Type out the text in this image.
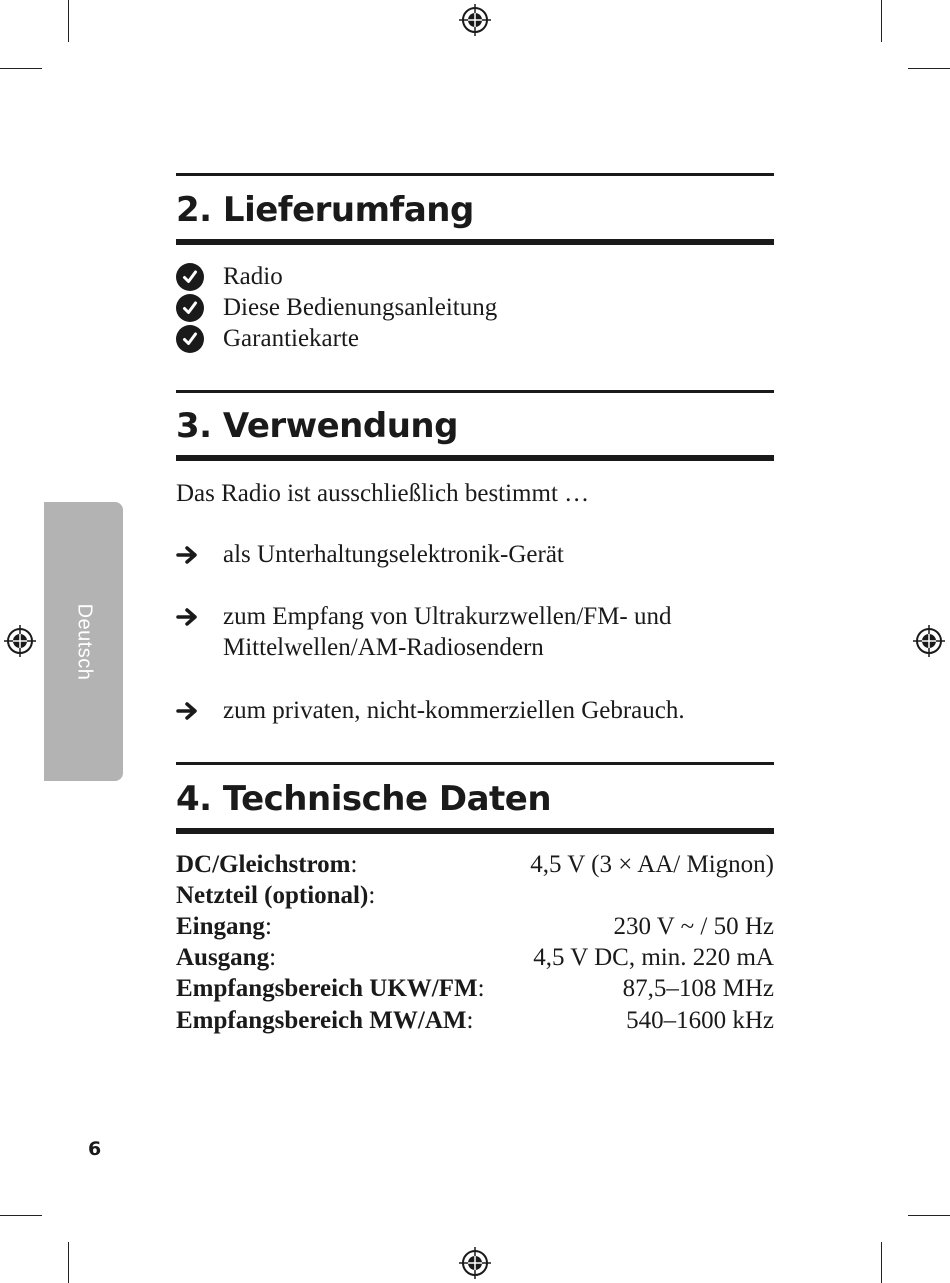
Deutsch
2. Lieferumfang
Radio
Diese Bedienungsanleitung
Garantiekarte
3. Verwendung
Das Radio ist ausschließlich bestimmt …
als Unterhaltungselektronik-Gerät
zum Empfang von Ultrakurzwellen/FM- und
Mittelwellen/AM-Radiosendern
zum privaten, nicht-kommerziellen Gebrauch.
4. Technische Daten
DC/Gleichstrom:	4,5 V (3 × AA/ Mignon)
Netzteil (optional):
Eingang:	230 V ~ / 50 Hz
Ausgang:	4,5 V DC, min. 220 mA
Empfangsbereich UKW/FM:	87,5–108 MHz
Empfangsbereich MW/AM:	540–1600 kHz
6
